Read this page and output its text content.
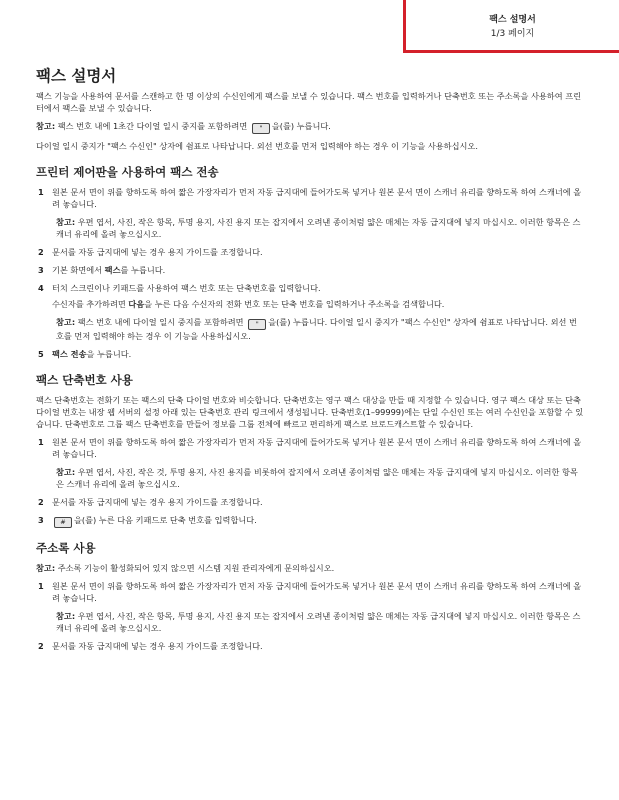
팩스 설명서
1/3 페이지
팩스 설명서

팩스 기능을 사용하여 문서를 스캔하고 한 명 이상의 수신인에게 팩스를 보낼 수 있습니다. 팩스 번호를 입력하거나 단축번호 또는 주소록을 사용하여 프린터에서 팩스를 보낼 수 있습니다.

참고: 팩스 번호 내에 1초간 다이얼 일시 중지를 포함하려면 " 을(를) 누릅니다.

다이얼 일시 중지가 "팩스 수신인" 상자에 쉼표로 나타납니다. 외선 번호를 먼저 입력해야 하는 경우 이 기능을 사용하십시오.

프린터 제어판을 사용하여 팩스 전송
1 원본 문서 면이 위를 향하도록 하여 짧은 가장자리가 먼저 자동 급지대에 들어가도록 넣거나 원본 문서 면이 스캐너 유리를 향하도록 하여 스캐너에 올려 놓습니다.
참고: 우편 엽서, 사진, 작은 항목, 투명 용지, 사진 용지 또는 잡지에서 오려낸 종이처럼 얇은 매체는 자동 급지대에 넣지 마십시오. 이러한 항목은 스캐너 유리에 올려 놓으십시오.
2 문서를 자동 급지대에 넣는 경우 용지 가이드를 조정합니다.
3 기본 화면에서 팩스를 누릅니다.
4 터치 스크린이나 키패드를 사용하여 팩스 번호 또는 단축번호를 입력합니다.
수신자를 추가하려면 다음을 누른 다음 수신자의 전화 번호 또는 단축 번호를 입력하거나 주소록을 검색합니다.
참고: 팩스 번호 내에 다이얼 일시 중지를 포함하려면 " 을(를) 누릅니다. 다이얼 일시 중지가 "팩스 수신인" 상자에 쉼표로 나타납니다. 외선 번호를 먼저 입력해야 하는 경우 이 기능을 사용하십시오.
5 팩스 전송을 누릅니다.
팩스 단축번호 사용

팩스 단축번호는 전화기 또는 팩스의 단축 다이얼 번호와 비슷합니다. 단축번호는 영구 팩스 대상을 만들 때 지정할 수 있습니다. 영구 팩스 대상 또는 단축 다이얼 번호는 내장 웹 서버의 설정 아래 있는 단축번호 관리 링크에서 생성됩니다. 단축번호(1–99999)에는 단일 수신인 또는 여러 수신인을 포함할 수 있습니다. 단축번호로 그룹 팩스 단축번호를 만들어 정보를 그룹 전체에 빠르고 편리하게 팩스로 브로드캐스트할 수 있습니다.

1 원본 문서 면이 위를 향하도록 하여 짧은 가장자리가 먼저 자동 급지대에 들어가도록 넣거나 원본 문서 면이 스캐너 유리를 향하도록 하여 스캐너에 올려 놓습니다.
참고: 우편 엽서, 사진, 작은 것, 투명 용지, 사진 용지를 비롯하여 잡지에서 오려낸 종이처럼 얇은 매체는 자동 급지대에 넣지 마십시오. 이러한 항목은 스캐너 유리에 올려 놓으십시오.
2 문서를 자동 급지대에 넣는 경우 용지 가이드를 조정합니다.
3	# 을(를) 누른 다음 키패드로 단축 번호를 입력합니다.
주소록 사용

참고: 주소록 기능이 활성화되어 있지 않으면 시스템 지원 관리자에게 문의하십시오.

1 원본 문서 면이 위를 향하도록 하여 짧은 가장자리가 먼저 자동 급지대에 들어가도록 넣거나 원본 문서 면이 스캐너 유리를 향하도록 하여 스캐너에 올려 놓습니다.
참고: 우편 엽서, 사진, 작은 항목, 투명 용지, 사진 용지 또는 잡지에서 오려낸 종이처럼 얇은 매체는 자동 급지대에 넣지 마십시오. 이러한 항목은 스캐너 유리에 올려 놓으십시오.
2 문서를 자동 급지대에 넣는 경우 용지 가이드를 조정합니다.
